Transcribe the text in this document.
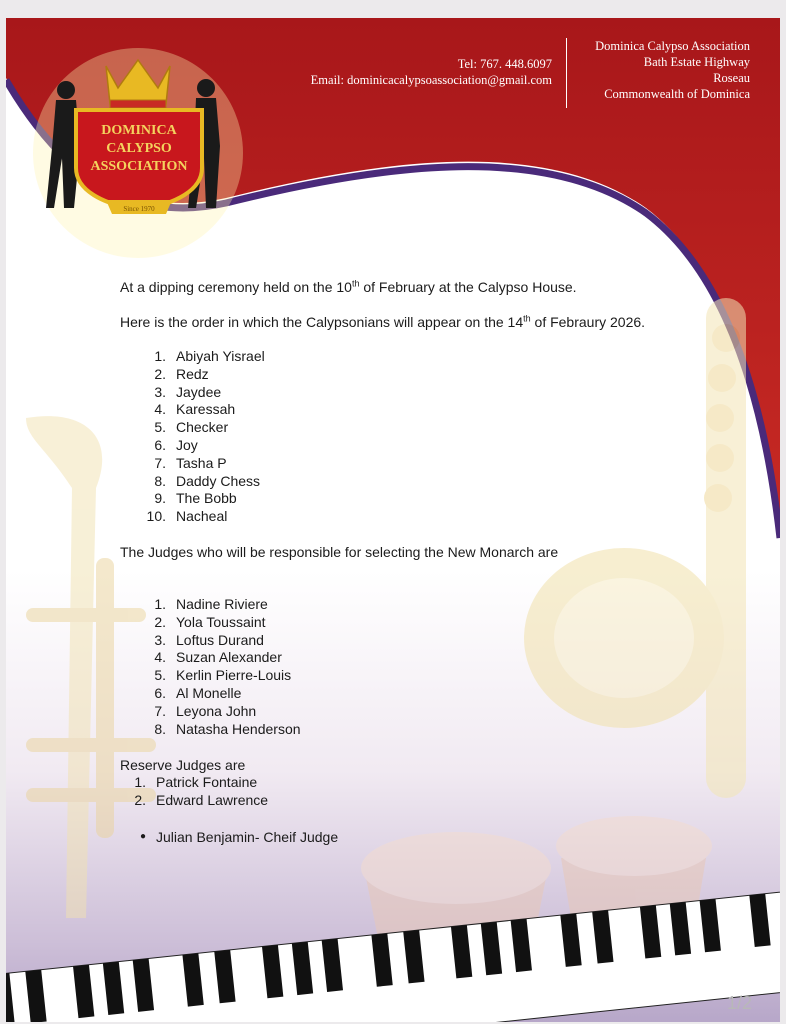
DOMINICA
CALYPSO
ASSOCIATION
Since 1970
Tel: 767. 448.6097
Email: dominicacalypsoassociation@gmail.com
Dominica Calypso Association
Bath Estate Highway
Roseau
Commonwealth of Dominica

At a dipping ceremony held on the 10th of February at the Calypso House.

Here is the order in which the Calypsonians will appear on the 14th of Febraury 2026.

1. Abiyah Yisrael
2. Redz
3. Jaydee
4. Karessah
5. Checker
6. Joy
7. Tasha P
8. Daddy Chess
9. The Bobb
10. Nacheal

The Judges who will be responsible for selecting the New Monarch are

1. Nadine Riviere
2. Yola Toussaint
3. Loftus Durand
4. Suzan Alexander
5. Kerlin Pierre-Louis
6. Al Monelle
7. Leyona John
8. Natasha Henderson

Reserve Judges are

1. Patrick Fontaine
2. Edward Lawrence
● Julian Benjamin- Cheif Judge
1/2
